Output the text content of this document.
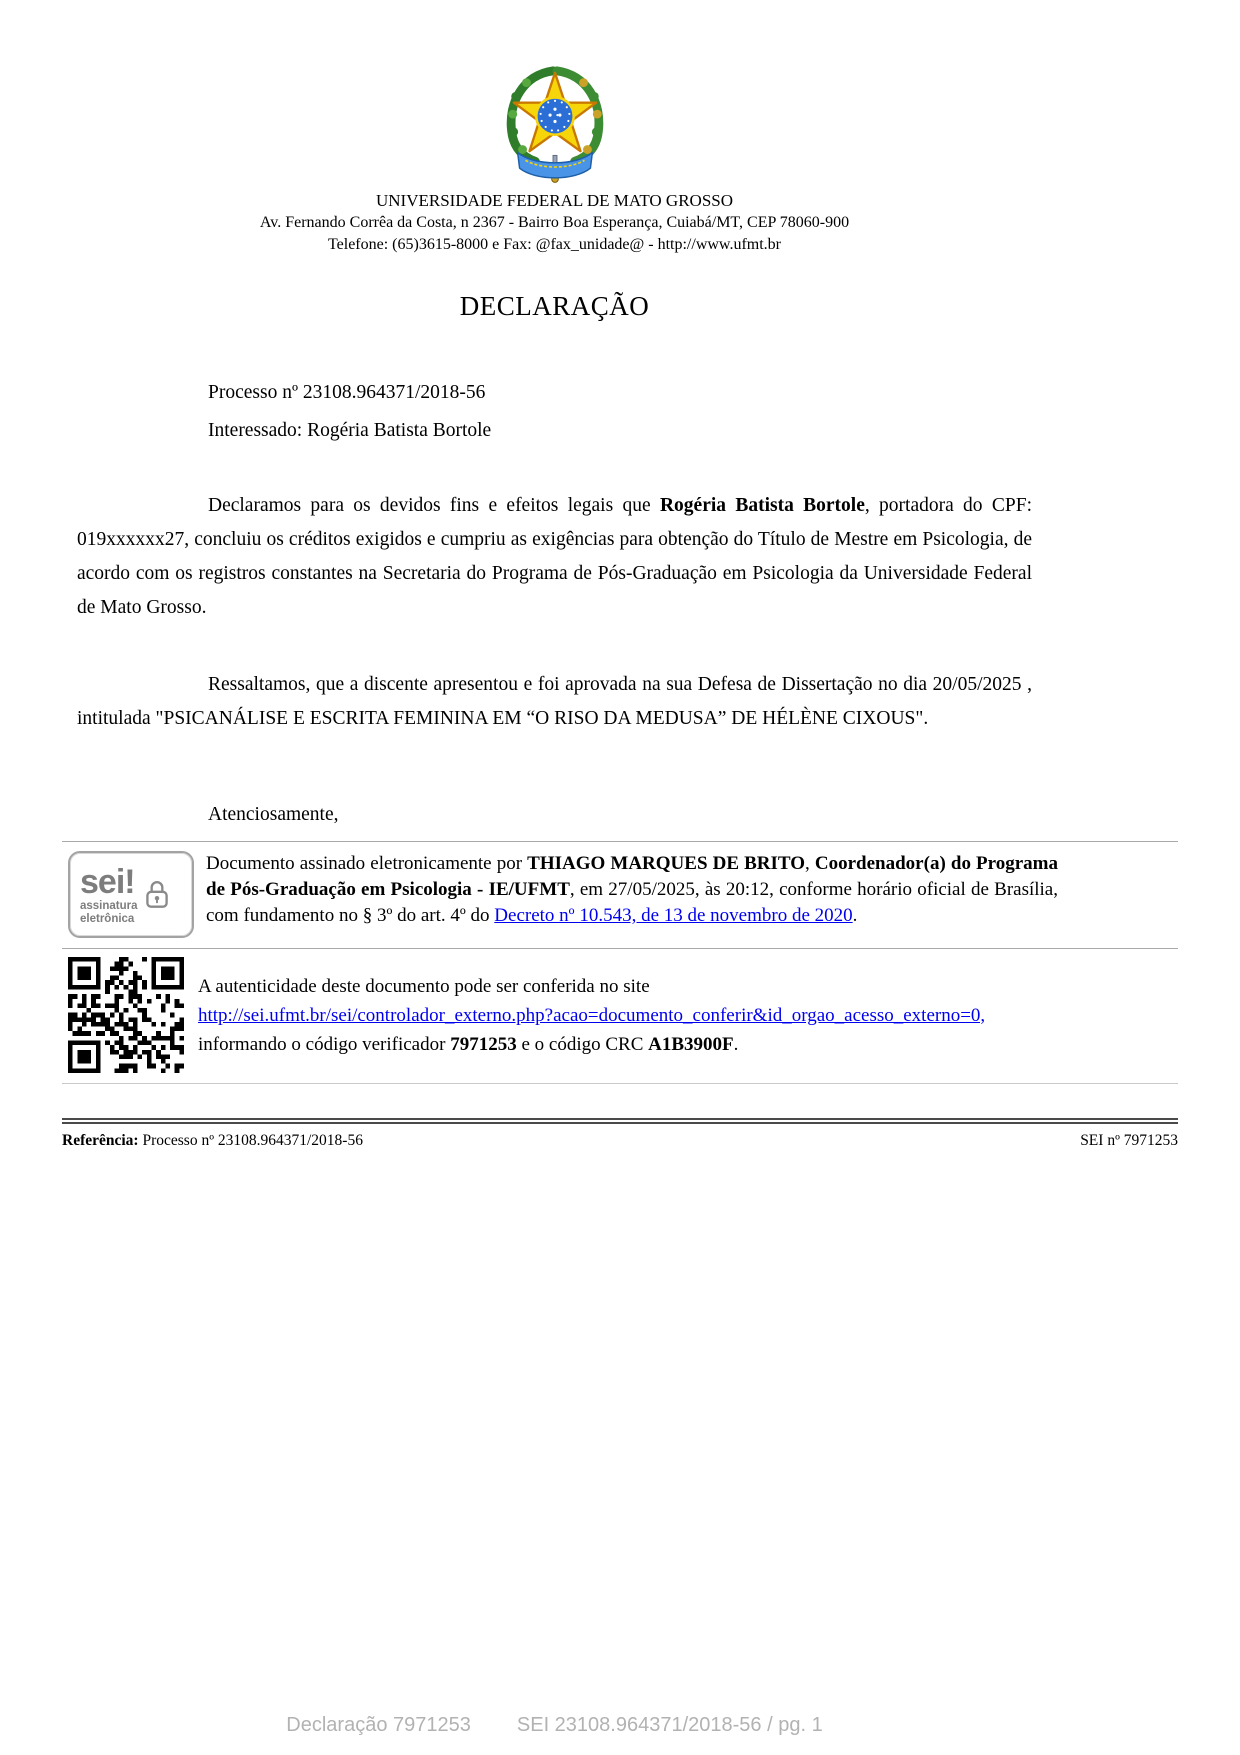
UNIVERSIDADE FEDERAL DE MATO GROSSO
Av. Fernando Corrêa da Costa, n 2367 - Bairro Boa Esperança, Cuiabá/MT, CEP 78060-900
Telefone: (65)3615-8000 e Fax: @fax_unidade@ - http://www.ufmt.br
DECLARAÇÃO

Processo nº 23108.964371/2018-56

Interessado: Rogéria Batista Bortole

Declaramos para os devidos fins e efeitos legais que Rogéria Batista Bortole, portadora do CPF: 019xxxxxx27, concluiu os créditos exigidos e cumpriu as exigências para obtenção do Título de Mestre em Psicologia, de acordo com os registros constantes na Secretaria do Programa de Pós-Graduação em Psicologia da Universidade Federal de Mato Grosso.

Ressaltamos, que a discente apresentou e foi aprovada na sua Defesa de Dissertação no dia 20/05/2025 , intitulada "PSICANÁLISE E ESCRITA FEMININA EM “O RISO DA MEDUSA” DE HÉLÈNE CIXOUS".

Atenciosamente,
sei!
assinatura
eletrônica
Documento assinado eletronicamente por THIAGO MARQUES DE BRITO, Coordenador(a) do Programa de Pós-Graduação em Psicologia - IE/UFMT, em 27/05/2025, às 20:12, conforme horário oficial de Brasília, com fundamento no § 3º do art. 4º do Decreto nº 10.543, de 13 de novembro de 2020.
A autenticidade deste documento pode ser conferida no site
http://sei.ufmt.br/sei/controlador_externo.php?acao=documento_conferir&id_orgao_acesso_externo=0,
informando o código verificador 7971253 e o código CRC A1B3900F.
Referência: Processo nº 23108.964371/2018-56	SEI nº 7971253
Declaração 7971253 SEI 23108.964371/2018-56 / pg. 1
